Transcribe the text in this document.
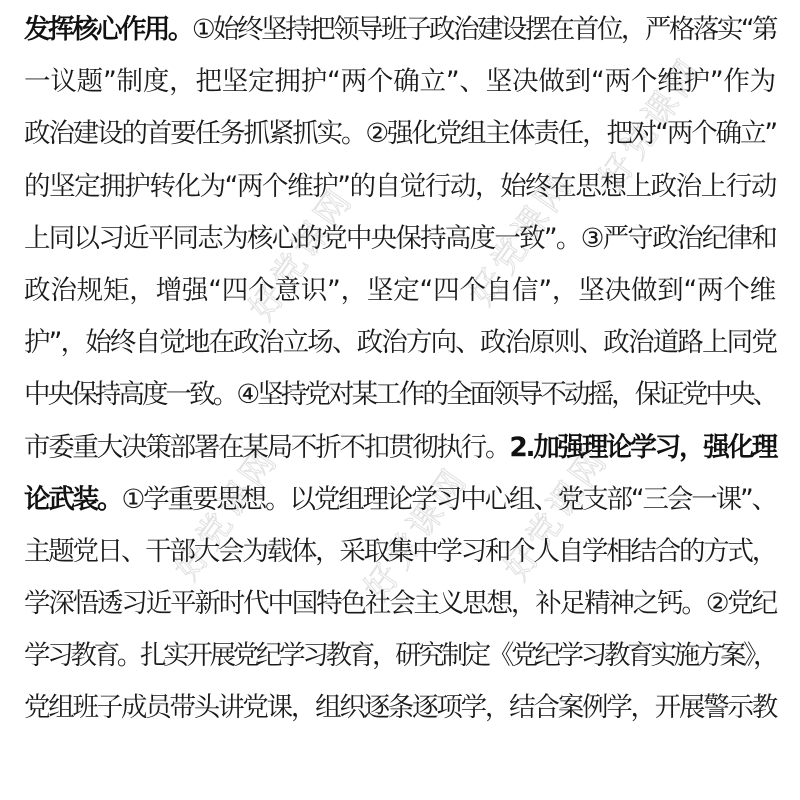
好党课网
好党课网
好党课网
好党课网
好党课网	好党课网
发挥核心作用。①始终坚持把领导班子政治建设摆在首位，严格落实“第
一议题”制度，把坚定拥护“两个确立”、坚决做到“两个维护”作为
政治建设的首要任务抓紧抓实。②强化党组主体责任，把对“两个确立”
的坚定拥护转化为“两个维护”的自觉行动，始终在思想上政治上行动
上同以习近平同志为核心的党中央保持高度一致”。③严守政治纪律和
政治规矩，增强“四个意识”，坚定“四个自信”，坚决做到“两个维
护”，始终自觉地在政治立场、政治方向、政治原则、政治道路上同党
中央保持高度一致。④坚持党对某工作的全面领导不动摇，保证党中央、
市委重大决策部署在某局不折不扣贯彻执行。2.加强理论学习，强化理
论武装。①学重要思想。以党组理论学习中心组、党支部“三会一课”、
主题党日、干部大会为载体，采取集中学习和个人自学相结合的方式，
学深悟透习近平新时代中国特色社会主义思想，补足精神之钙。②党纪
学习教育。扎实开展党纪学习教育，研究制定《党纪学习教育实施方案》，
党组班子成员带头讲党课，组织逐条逐项学，结合案例学，开展警示教
